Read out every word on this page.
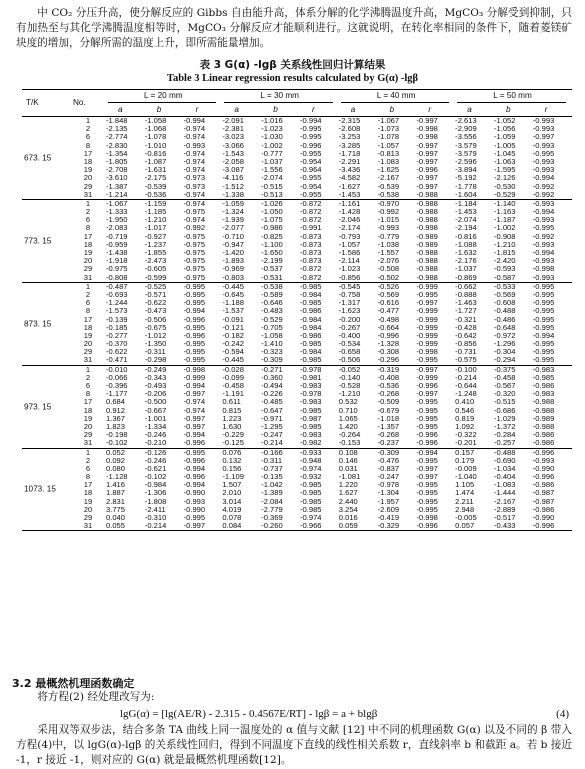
中 CO₂ 分压升高，使分解反应的 Gibbs 自由能升高，体系分解的化学沸腾温度升高，MgCO₃ 分解受到抑制，只有加热至与其化学沸腾温度相等时，MgCO₃ 分解反应才能顺利进行。这就说明，在转化率相同的条件下，随着菱镁矿块度的增加，分解所需的温度上升，即所需能量增加。

表 3 G(α) -lgβ 关系线性回归计算结果
Table 3 Linear regression results calculated by G(α) -lgβ
T/K	No.
L = 20 mm
a	b	r
L = 30 mm
a	b	r
L = 40 mm
a	b	r
L = 50 mm
a	b	r
673. 15
1	-1.848	-1.058	-0.994	-2.091	-1.016	-0.994	-2.315	-1.067	-0.997	-2.613	-1.052	-0.993
2	-2.135	-1.068	-0.974	-2.381	-1.023	-0.995	-2.608	-1.073	-0.998	-2.909	-1.056	-0.993
6	-2.774	-1.078	-0.974	-3.023	-1.030	-0.995	-3.253	-1.078	-0.998	-3.556	-1.059	-0.997
8	-2.830	-1.010	-0.993	-3.066	-1.002	-0.996	-3.285	-1.057	-0.997	-3.579	-1.005	-0.993
17	-1.354	-0.816	-0.974	-1.543	-0.777	-0.955	-1.718	-0.813	-0.997	-3.579	-1.045	-0.995
18	-1.805	-1.087	-0.974	-2.058	-1.037	-0.954	-2.291	-1.083	-0.997	-2.596	-1.063	-0.993
19	-2.708	-1.631	-0.974	-3.087	-1.556	-0.964	-3.436	-1.625	-0.996	-3.894	-1.595	-0.993
20	-3.610	-2.175	-0.973	-4.116	-2.074	-0.955	-4.582	-2.167	-0.997	-5.192	-2.126	-0.994
29	-1.387	-0.539	-0.973	-1.512	-0.515	-0.954	-1.627	-0.539	-0.997	-1.778	-0.530	-0.992
31	-1.214	-0.536	-0.974	-1.338	-0.513	-0.955	-1.453	-0.538	-0.988	-1.604	-0.529	-0.992
773. 15
1	-1.067	-1.159	-0.974	-1.059	-1.026	-0.872	-1.161	-0.970	-0.988	-1.184	-1.140	-0.993
2	-1.333	-1.185	-0.975	-1.324	-1.050	-0.872	-1.428	-0.992	-0.988	-1.453	-1.163	-0.994
6	-1.950	-1.210	-0.974	-1.939	-1.075	-0.872	-2.046	-1.015	-0.988	-2.074	-1.187	-0.993
8	-2.083	-1.017	-0.992	-2.077	-0.986	-0.991	-2.174	-0.993	-0.998	-2.194	-1.002	-0.995
17	-0.719	-0.927	-0.975	-0.710	-0.825	-0.873	-0.793	-0.779	-0.989	-0.816	-0.908	-0.992
18	-0.959	-1.237	-0.975	-0.947	-1.100	-0.873	-1.057	-1.038	-0.989	-1.088	-1.210	-0.993
19	-1.438	-1.855	-0.975	-1.420	-1.650	-0.873	-1.586	-1.557	-0.988	-1.632	-1.815	-0.994
20	-1.918	-2.473	-0.975	-1.893	-2.199	-0.873	-2.114	-2.076	-0.988	-2.176	-2.420	-0.993
29	-0.975	-0.605	-0.975	-0.969	-0.537	-0.872	-1.023	-0.508	-0.988	-1.037	-0.593	-0.998
31	-0.808	-0.599	-0.975	-0.803	-0.531	-0.872	-0.856	-0.502	-0.988	-0.869	-0.587	-0.993
873. 15
1	-0.487	-0.525	-0.995	-0.445	-0.538	-0.985	-0.545	-0.526	-0.999	-0.662	-0.533	-0.995
2	-0.693	-0.571	-0.995	-0.645	-0.589	-0.984	-0.758	-0.569	-0.995	-0.888	-0.569	-0.995
6	-1.244	-0.622	-0.995	-1.188	-0.646	-0.985	-1.317	-0.616	-0.997	-1.463	-0.608	-0.995
8	-1.573	-0.473	-0.994	-1.537	-0.483	-0.986	-1.623	-0.477	-0.999	-1.727	-0.488	-0.995
17	-0.139	-0.506	-0.996	-0.091	-0.529	-0.984	-0.200	-0.498	-0.999	-0.321	-0.486	-0.995
18	-0.185	-0.675	-0.995	-0.121	-0.705	-0.984	-0.267	-0.664	-0.999	-0.428	-0.648	-0.995
19	-0.277	-1.012	-0.996	-0.182	-1.058	-0.986	-0.400	-0.996	-0.999	-0.642	-0.972	-0.994
20	-0.370	-1.350	-0.995	-0.242	-1.410	-0.985	-0.534	-1.328	-0.999	-0.856	-1.296	-0.995
29	-0.622	-0.311	-0.995	-0.594	-0.323	-0.984	-0.658	-0.308	-0.998	-0.731	-0.304	-0.995
31	-0.471	-0.298	-0.995	-0.445	-0.309	-0.985	-0.506	-0.296	-0.995	-0.575	-0.294	-0.995
973. 15
1	-0.010	-0.249	-0.998	-0.028	-0.271	-0.978	-0.052	-0.319	-0.997	-0.100	-0.375	-0.983
2	-0.066	-0.343	-0.999	-0.099	-0.360	-0.981	-0.140	-0.408	-0.999	-0.214	-0.458	-0.985
6	-0.396	-0.493	-0.994	-0.458	-0.494	-0.983	-0.528	-0.536	-0.996	-0.644	-0.567	-0.986
8	-1.177	-0.206	-0.997	-1.191	-0.226	-0.978	-1.210	-0.268	-0.997	-1.248	-0.320	-0.983
17	0.684	-0.500	-0.974	0.611	-0.485	-0.983	0.532	-0.509	-0.995	0.410	-0.515	-0.988
18	0.912	-0.667	-0.974	0.815	-0.647	-0.985	0.710	-0.679	-0.995	0.546	-0.686	-0.988
19	1.367	-1.001	-0.997	1.223	-0.971	-0.987	1.065	-1.018	-0.995	0.819	-1.029	-0.989
20	1.823	-1.334	-0.997	1.630	-1.295	-0.985	1.420	-1.357	-0.995	1.092	-1.372	-0.988
29	-0.198	-0.246	-0.994	-0.229	-0.247	-0.983	-0.264	-0.268	-0.996	-0.322	-0.284	-0.986
31	-0.102	-0.210	-0.996	-0.125	-0.214	-0.982	-0.153	-0.237	-0.996	-0.201	-0.257	-0.986
1073. 15
1	0.052	-0.126	-0.995	0.076	-0.166	-0.933	0.108	-0.309	-0.994	0.157	-0.488	-0.996
2	0.092	-0.246	-0.996	0.132	-0.311	-0.948	0.146	-0.476	-0.995	0.179	-0.690	-0.993
6	0.080	-0.621	-0.994	0.156	-0.737	-0.974	0.031	-0.837	-0.997	-0.009	-1.034	-0.990
8	-1.128	-0.102	-0.996	-1.109	-0.135	-0.932	-1.081	-0.247	-0.997	-1.040	-0.404	-0.996
17	1.416	-0.984	-0.994	1.507	-1.042	-0.985	1.220	-0.978	-0.995	1.105	-1.083	-0.986
18	1.887	-1.306	-0.990	2.010	-1.389	-0.985	1.627	-1.304	-0.995	1.474	-1.444	-0.987
19	2.831	-1.808	-0.993	3.014	-2.084	-0.985	2.440	-1.957	-0.995	2.211	-2.167	-0.987
20	3.775	-2.411	-0.990	4.019	-2.779	-0.985	3.254	-2.609	-0.995	2.948	-2.889	-0.986
29	0.040	-0.310	-0.995	0.078	-0.369	-0.974	0.016	-0.419	-0.998	-0.005	-0.517	-0.990
31	0.055	-0.214	-0.997	0.084	-0.260	-0.966	0.059	-0.329	-0.996	0.057	-0.433	-0.996
3.2 最概然机理函数确定

将方程(2) 经处理改写为:

lgG(α) = [lg(AE/R) - 2.315 - 0.4567E/RT] - lgβ = a + blgβ	(4)

采用双等双步法，结合多条 TA 曲线上同一温度处的 α 值与文献 [12] 中不同的机理函数 G(α) 以及不同的 β 带入方程(4)中，以 lgG(α)-lgβ 的关系线性回归，得到不同温度下直线的线性相关系数 r，直线斜率 b 和截距 a。若 b 接近 -1，r 接近 -1，则对应的 G(α) 就是最概然机理函数[12]。
